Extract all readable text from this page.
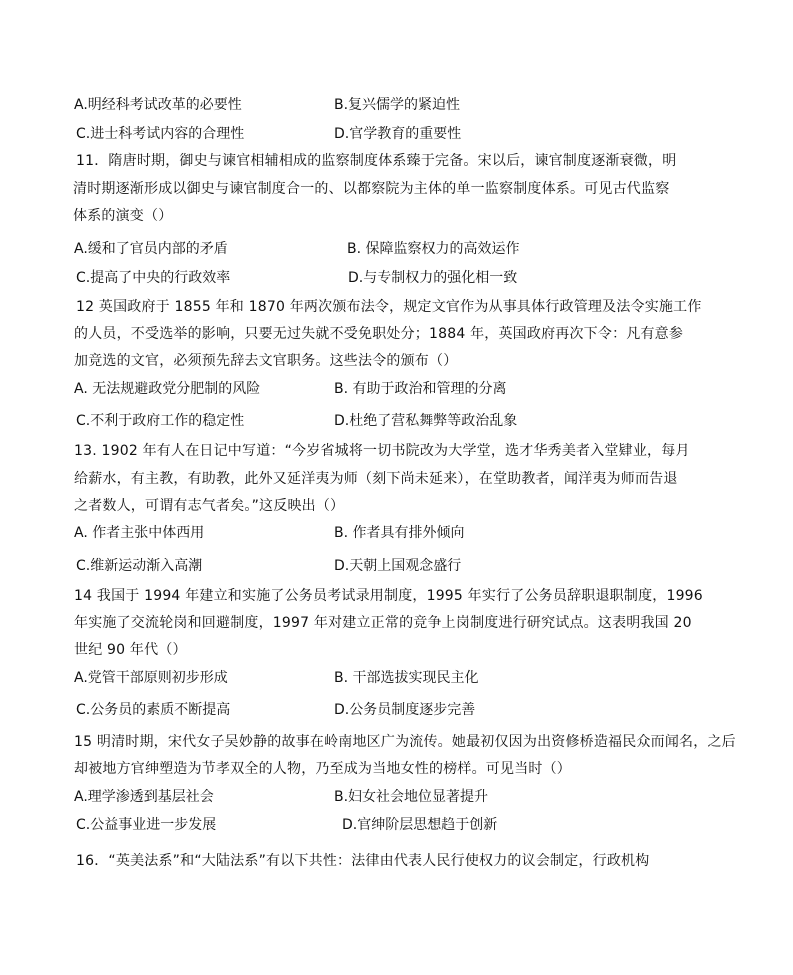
A.明经科考试改革的必要性	B.复兴儒学的紧迫性
C.进士科考试内容的合理性	D.官学教育的重要性
11．隋唐时期，御史与谏官相辅相成的监察制度体系臻于完备。宋以后，谏官制度逐渐衰微，明
清时期逐渐形成以御史与谏官制度合一的、以都察院为主体的单一监察制度体系。可见古代监察
体系的演变（）
A.缓和了官员内部的矛盾	B. 保障监察权力的高效运作
C.提高了中央的行政效率	D.与专制权力的强化相一致
12 英国政府于 1855 年和 1870 年两次颁布法令，规定文官作为从事具体行政管理及法令实施工作
的人员，不受选举的影响，只要无过失就不受免职处分；1884 年，英国政府再次下令：凡有意参
加竞选的文官，必须预先辞去文官职务。这些法令的颁布（）
A. 无法规避政党分肥制的风险	B. 有助于政治和管理的分离
C.不利于政府工作的稳定性	D.杜绝了营私舞弊等政治乱象
13. 1902 年有人在日记中写道：“今岁省城将一切书院改为大学堂，选才华秀美者入堂肄业，每月
给薪水，有主教，有助教，此外又延洋夷为师（刻下尚未延来），在堂助教者，闻洋夷为师而告退
之者数人，可谓有志气者矣。”这反映出（）
A. 作者主张中体西用	B. 作者具有排外倾向
C.维新运动渐入高潮	D.天朝上国观念盛行
14 我国于 1994 年建立和实施了公务员考试录用制度，1995 年实行了公务员辞职退职制度，1996
年实施了交流轮岗和回避制度，1997 年对建立正常的竞争上岗制度进行研究试点。这表明我国 20
世纪 90 年代（）
A.党管干部原则初步形成	B. 干部选拔实现民主化
C.公务员的素质不断提高	D.公务员制度逐步完善
15 明清时期，宋代女子吴妙静的故事在岭南地区广为流传。她最初仅因为出资修桥造福民众而闻名，之后
却被地方官绅塑造为节孝双全的人物，乃至成为当地女性的榜样。可见当时（）
A.理学渗透到基层社会	B.妇女社会地位显著提升
C.公益事业进一步发展	D.官绅阶层思想趋于创新
16．“英美法系”和“大陆法系”有以下共性：法律由代表人民行使权力的议会制定，行政机构
